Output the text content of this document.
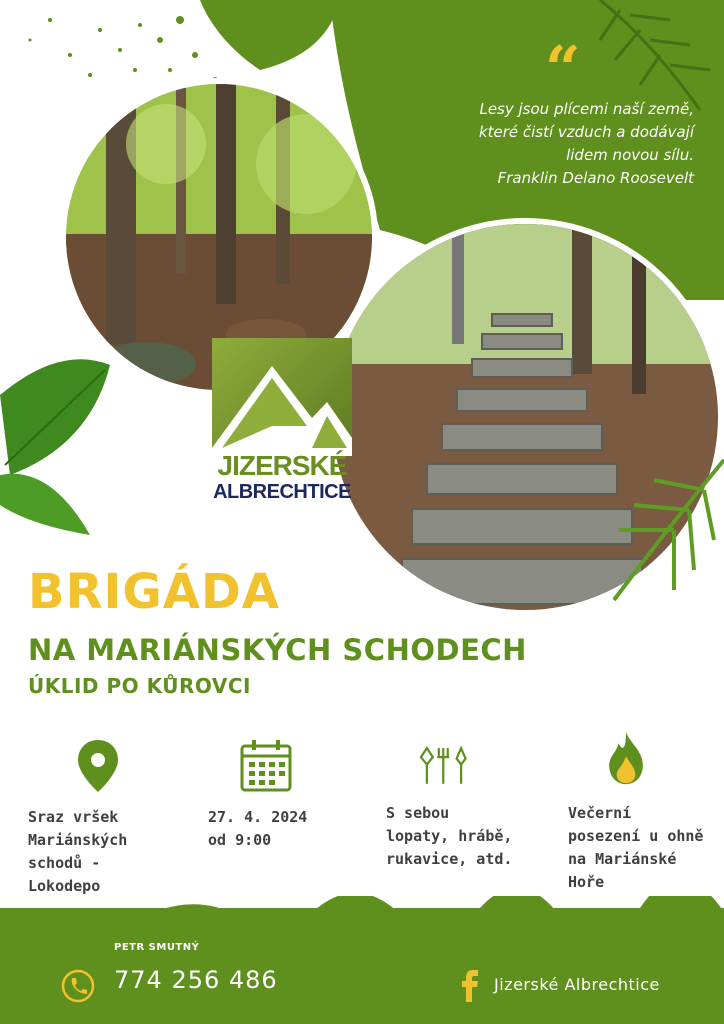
“
Lesy jsou plícemi naší země,
které čistí vzduch a dodávají
lidem novou sílu.
Franklin Delano Roosevelt
JIZERSKÉ
ALBRECHTICE
BRIGÁDA
NA MARIÁNSKÝCH SCHODECH
ÚKLID PO KŮROVCI
Sraz vršek
Mariánských
schodů -
Lokodepo
27. 4. 2024
od 9:00
S sebou
lopaty, hrábě,
rukavice, atd.
Večerní
posezení u ohně
na Mariánské
Hoře
PETR SMUTNÝ
774 256 486	Jizerské Albrechtice
